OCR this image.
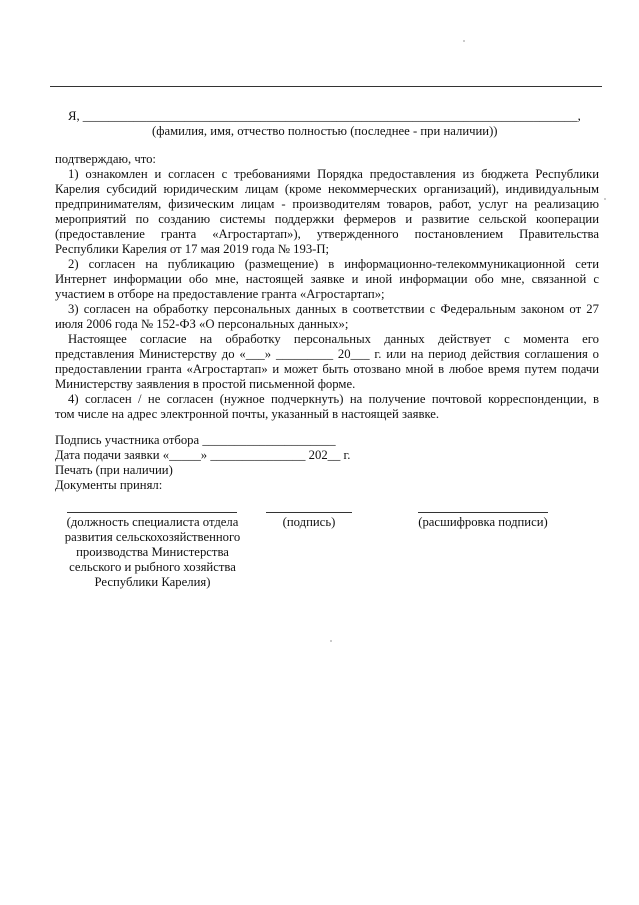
Я, ______________________________________________________________________________,
(фамилия, имя, отчество полностью (последнее - при наличии))
подтверждаю, что:
1) ознакомлен и согласен с требованиями Порядка предоставления из бюджета Республики
Карелия субсидий юридическим лицам (кроме некоммерческих организаций), индивидуальным
предпринимателям, физическим лицам - производителям товаров, работ, услуг на реализацию
мероприятий по созданию системы поддержки фермеров и развитие сельской кооперации
(предоставление гранта «Агростартап»), утвержденного постановлением Правительства
Республики Карелия от 17 мая 2019 года № 193-П;
2) согласен на публикацию (размещение) в информационно-телекоммуникационной сети
Интернет информации обо мне, настоящей заявке и иной информации обо мне, связанной с
участием в отборе на предоставление гранта «Агростартап»;
3) согласен на обработку персональных данных в соответствии с Федеральным законом от 27
июля 2006 года № 152-ФЗ «О персональных данных»;
Настоящее согласие на обработку персональных данных действует с момента его
представления Министерству до «___» _________ 20___ г. или на период действия соглашения о
предоставлении гранта «Агростартап» и может быть отозвано мной в любое время путем подачи
Министерству заявления в простой письменной форме.
4) согласен / не согласен (нужное подчеркнуть) на получение почтовой корреспонденции, в
том числе на адрес электронной почты, указанный в настоящей заявке.
Подпись участника отбора _____________________
Дата подачи заявки «_____» _______________ 202__ г.
Печать (при наличии)
Документы принял:
(должность специалиста отдела
развития сельскохозяйственного
производства Министерства
сельского и рыбного хозяйства
Республики Карелия)
(подпись)	(расшифровка подписи)
